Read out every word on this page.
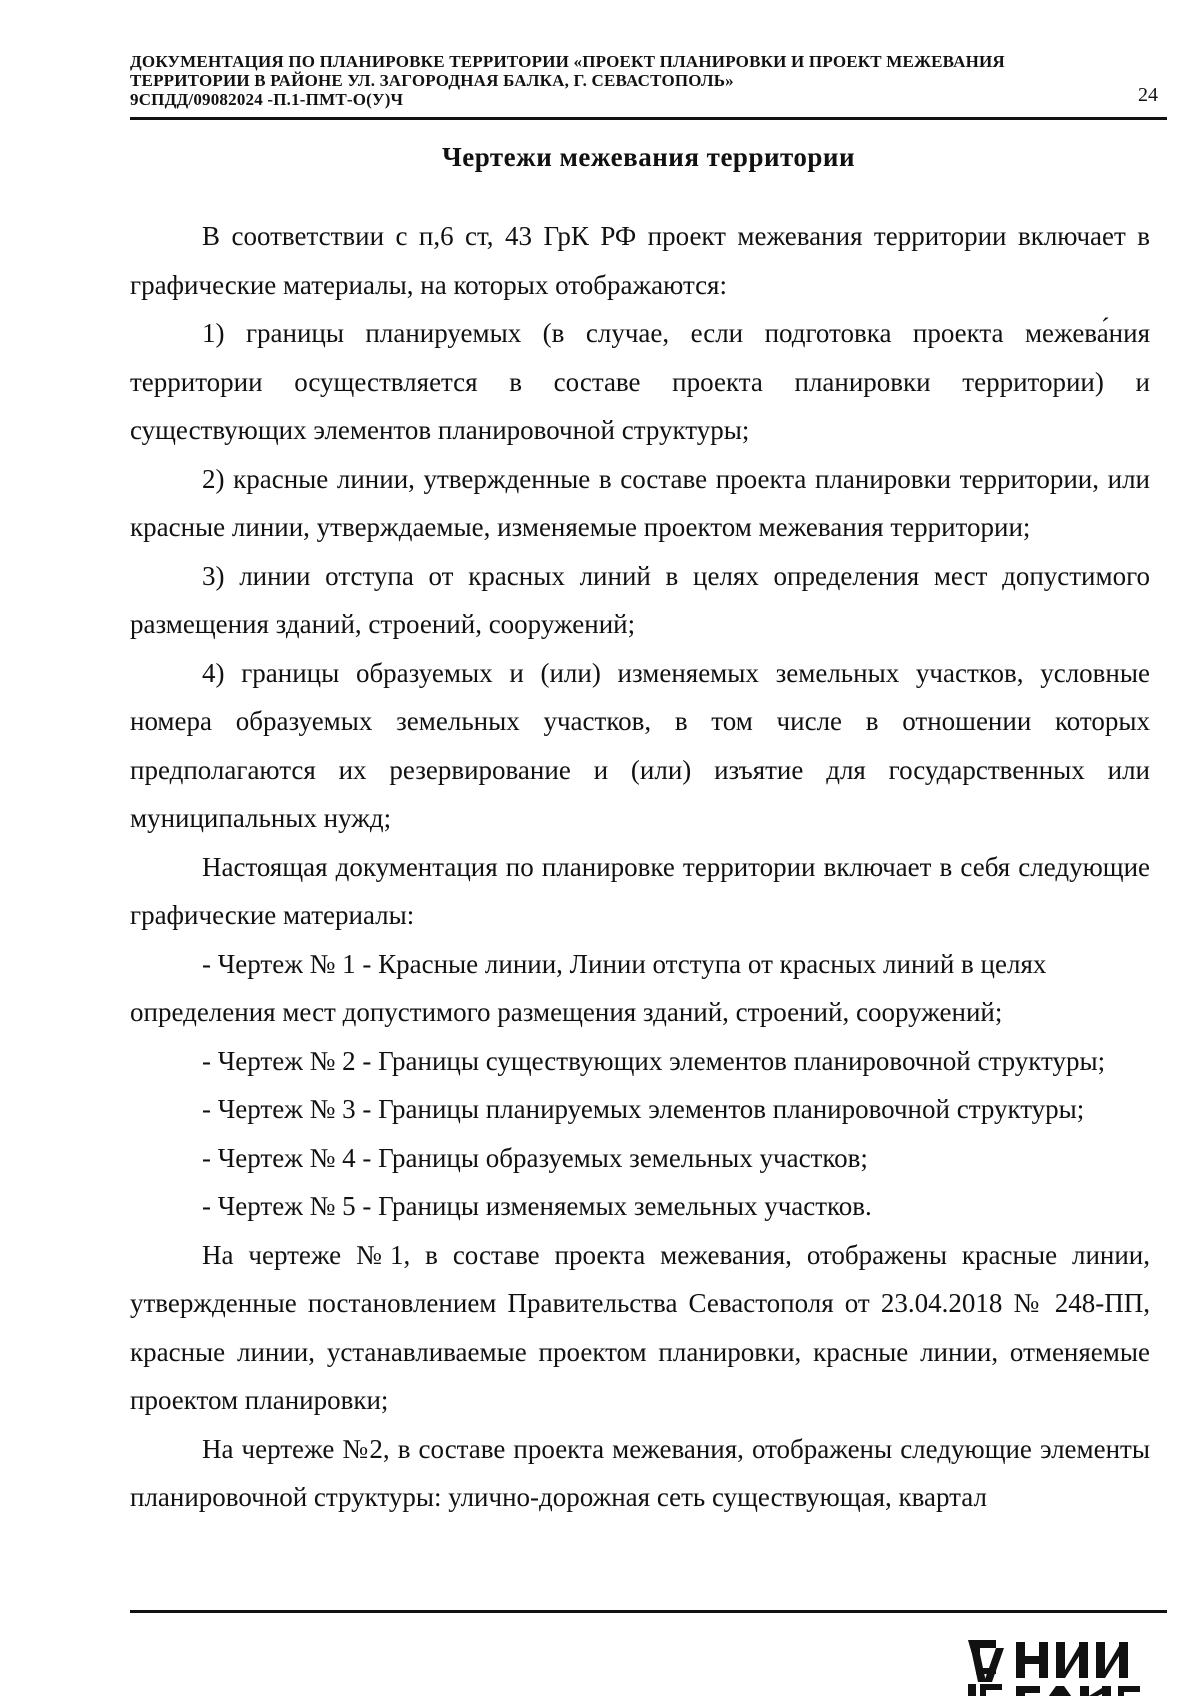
ДОКУМЕНТАЦИЯ ПО ПЛАНИРОВКЕ ТЕРРИТОРИИ «ПРОЕКТ ПЛАНИРОВКИ И ПРОЕКТ МЕЖЕВАНИЯ
ТЕРРИТОРИИ В РАЙОНЕ УЛ. ЗАГОРОДНАЯ БАЛКА, Г. СЕВАСТОПОЛЬ»
9СПДД/09082024 -П.1-ПМТ-О(У)Ч	24
Чертежи межевания территории

В соответствии с п,6 ст, 43 ГрК РФ проект межевания территории включает в графические материалы, на которых отображаются:

1) границы планируемых (в случае, если подготовка проекта межева́ния территории осуществляется в составе проекта планировки территории) и существующих элементов планировочной структуры;

2) красные линии, утвержденные в составе проекта планировки территории, или красные линии, утверждаемые, изменяемые проектом межевания территории;

3) линии отступа от красных линий в целях определения мест допустимого размещения зданий, строений, сооружений;

4) границы образуемых и (или) изменяемых земельных участков, условные номера образуемых земельных участков, в том числе в отношении которых предполагаются их резервирование и (или) изъятие для государственных или муниципальных нужд;

Настоящая документация по планировке территории включает в себя следующие графические материалы:

- Чертеж № 1 - Красные линии, Линии отступа от красных линий в целях определения мест допустимого размещения зданий, строений, сооружений;

- Чертеж № 2 - Границы существующих элементов планировочной структуры;

- Чертеж № 3 - Границы планируемых элементов планировочной структуры;

- Чертеж № 4 - Границы образуемых земельных участков;

- Чертеж № 5 - Границы изменяемых земельных участков.

На чертеже №1, в составе проекта межевания, отображены красные линии, утвержденные постановлением Правительства Севастополя от 23.04.2018 № 248-ПП, красные линии, устанавливаемые проектом планировки, красные линии, отменяемые проектом планировки;

На чертеже №2, в составе проекта межевания, отображены следующие элементы планировочной структуры: улично-дорожная сеть существующая, квартал
